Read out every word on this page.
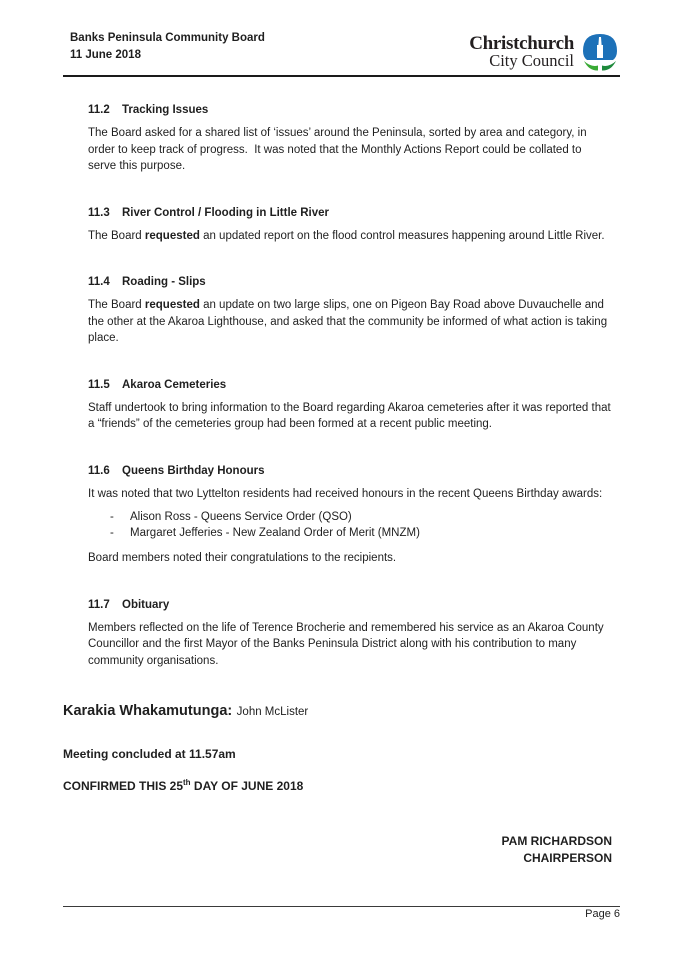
Banks Peninsula Community Board
11 June 2018
Christchurch
City Council
11.2 Tracking Issues

The Board asked for a shared list of ‘issues’ around the Peninsula, sorted by area and category, in order to keep track of progress.  It was noted that the Monthly Actions Report could be collated to serve this purpose.

11.3 River Control / Flooding in Little River

The Board requested an updated report on the flood control measures happening around Little River.

11.4 Roading - Slips

The Board requested an update on two large slips, one on Pigeon Bay Road above Duvauchelle and the other at the Akaroa Lighthouse, and asked that the community be informed of what action is taking place.

11.5 Akaroa Cemeteries

Staff undertook to bring information to the Board regarding Akaroa cemeteries after it was reported that a “friends” of the cemeteries group had been formed at a recent public meeting.

11.6 Queens Birthday Honours

It was noted that two Lyttelton residents had received honours in the recent Queens Birthday awards:

-	Alison Ross - Queens Service Order (QSO)
-	Margaret Jefferies - New Zealand Order of Merit (MNZM)

Board members noted their congratulations to the recipients.

11.7 Obituary

Members reflected on the life of Terence Brocherie and remembered his service as an Akaroa County Councillor and the first Mayor of the Banks Peninsula District along with his contribution to many community organisations.

Karakia Whakamutunga: John McLister
Meeting concluded at 11.57am
CONFIRMED THIS 25th DAY OF JUNE 2018
PAM RICHARDSON
CHAIRPERSON
Page 6
